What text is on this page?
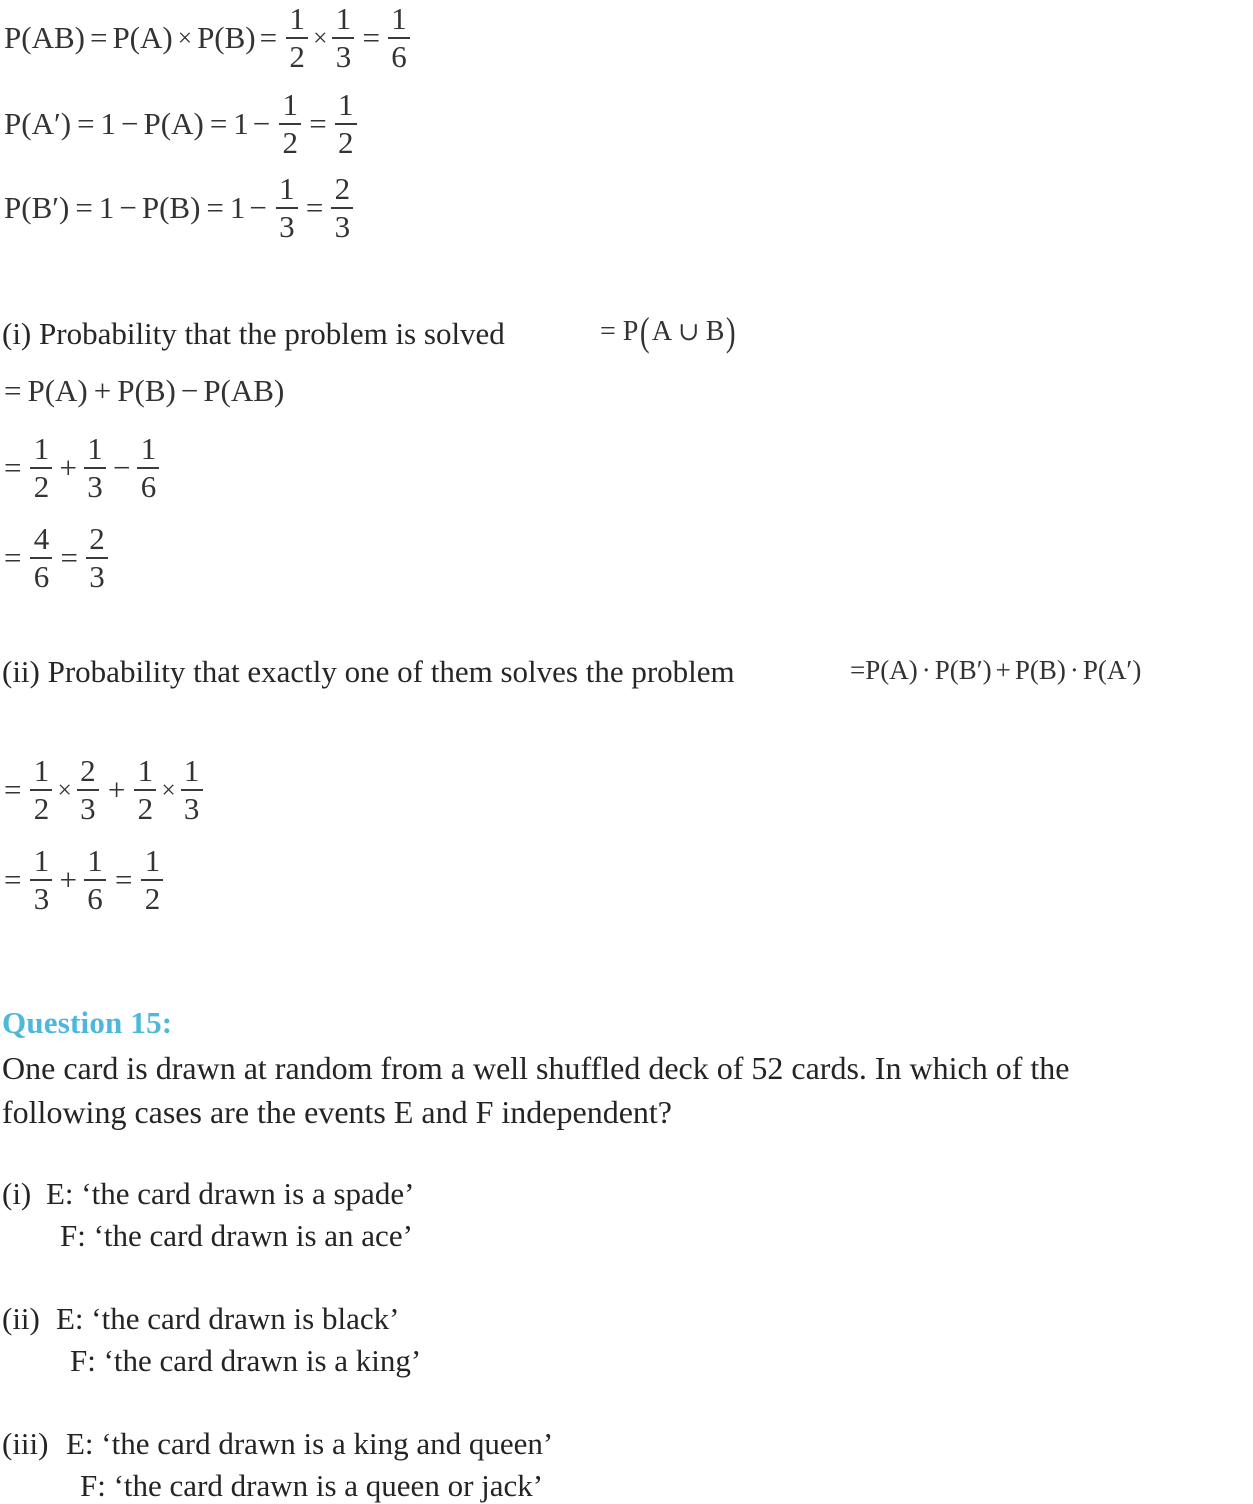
$P(AB) = P(A) \times P(B) = \frac{1}{2} \times \frac{1}{3} = \frac{1}{6}$
$P(A') = 1 - P(A) = 1 - \frac{1}{2} = \frac{1}{2}$
$P(B') = 1 - P(B) = 1 - \frac{1}{3} = \frac{2}{3}$
(i) Probability that the problem is solved	= P ( A ∪ B )
= P(A) + P(B) − P(AB)
= $\frac{1}{2} + \frac{1}{3} - \frac{1}{6}$
= $\frac{4}{6} = \frac{2}{3}$
(ii) Probability that exactly one of them solves the problem	= P(A) · P(B′) + P(B) · P(A′)
= $\frac{1}{2} \times \frac{2}{3} + \frac{1}{2} \times \frac{1}{3}$
= $\frac{1}{3} + \frac{1}{6} = \frac{1}{2}$
Question 15:
One card is drawn at random from a well shuffled deck of 52 cards. In which of the
following cases are the events E and F independent?
(i) E: ‘the card drawn is a spade’
F: ‘the card drawn is an ace’
(ii) E: ‘the card drawn is black’
F: ‘the card drawn is a king’
(iii) E: ‘the card drawn is a king and queen’
F: ‘the card drawn is a queen or jack’
